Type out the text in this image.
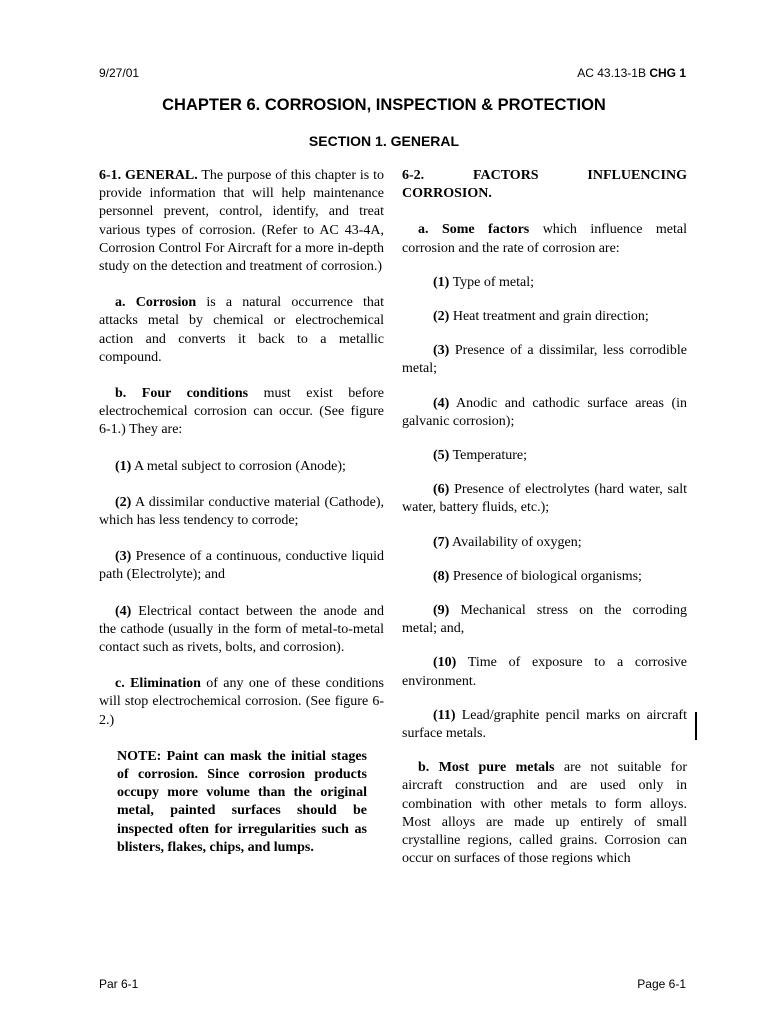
9/27/01	AC 43.13-1B CHG 1
CHAPTER 6. CORROSION, INSPECTION & PROTECTION
SECTION 1. GENERAL

6-1. GENERAL. The purpose of this chapter is to provide information that will help maintenance personnel prevent, control, identify, and treat various types of corrosion. (Refer to AC 43-4A, Corrosion Control For Aircraft for a more in-depth study on the detection and treatment of corrosion.)

a. Corrosion is a natural occurrence that attacks metal by chemical or electrochemical action and converts it back to a metallic compound.

b. Four conditions must exist before electrochemical corrosion can occur. (See figure 6-1.) They are:

(1) A metal subject to corrosion (Anode);

(2) A dissimilar conductive material (Cathode), which has less tendency to corrode;

(3) Presence of a continuous, conductive liquid path (Electrolyte); and

(4) Electrical contact between the anode and the cathode (usually in the form of metal-to-metal contact such as rivets, bolts, and corrosion).

c. Elimination of any one of these conditions will stop electrochemical corrosion. (See figure 6-2.)

NOTE: Paint can mask the initial stages of corrosion. Since corrosion products occupy more volume than the original metal, painted surfaces should be inspected often for irregularities such as blisters, flakes, chips, and lumps.

6-2. FACTORS INFLUENCING CORROSION.

a. Some factors which influence metal corrosion and the rate of corrosion are:

(1) Type of metal;

(2) Heat treatment and grain direction;

(3) Presence of a dissimilar, less corrodible metal;

(4) Anodic and cathodic surface areas (in galvanic corrosion);

(5) Temperature;

(6) Presence of electrolytes (hard water, salt water, battery fluids, etc.);

(7) Availability of oxygen;

(8) Presence of biological organisms;

(9) Mechanical stress on the corroding metal; and,

(10) Time of exposure to a corrosive environment.

(11) Lead/graphite pencil marks on aircraft surface metals.

b. Most pure metals are not suitable for aircraft construction and are used only in combination with other metals to form alloys. Most alloys are made up entirely of small crystalline regions, called grains. Corrosion can occur on surfaces of those regions which

Par 6-1	Page 6-1
